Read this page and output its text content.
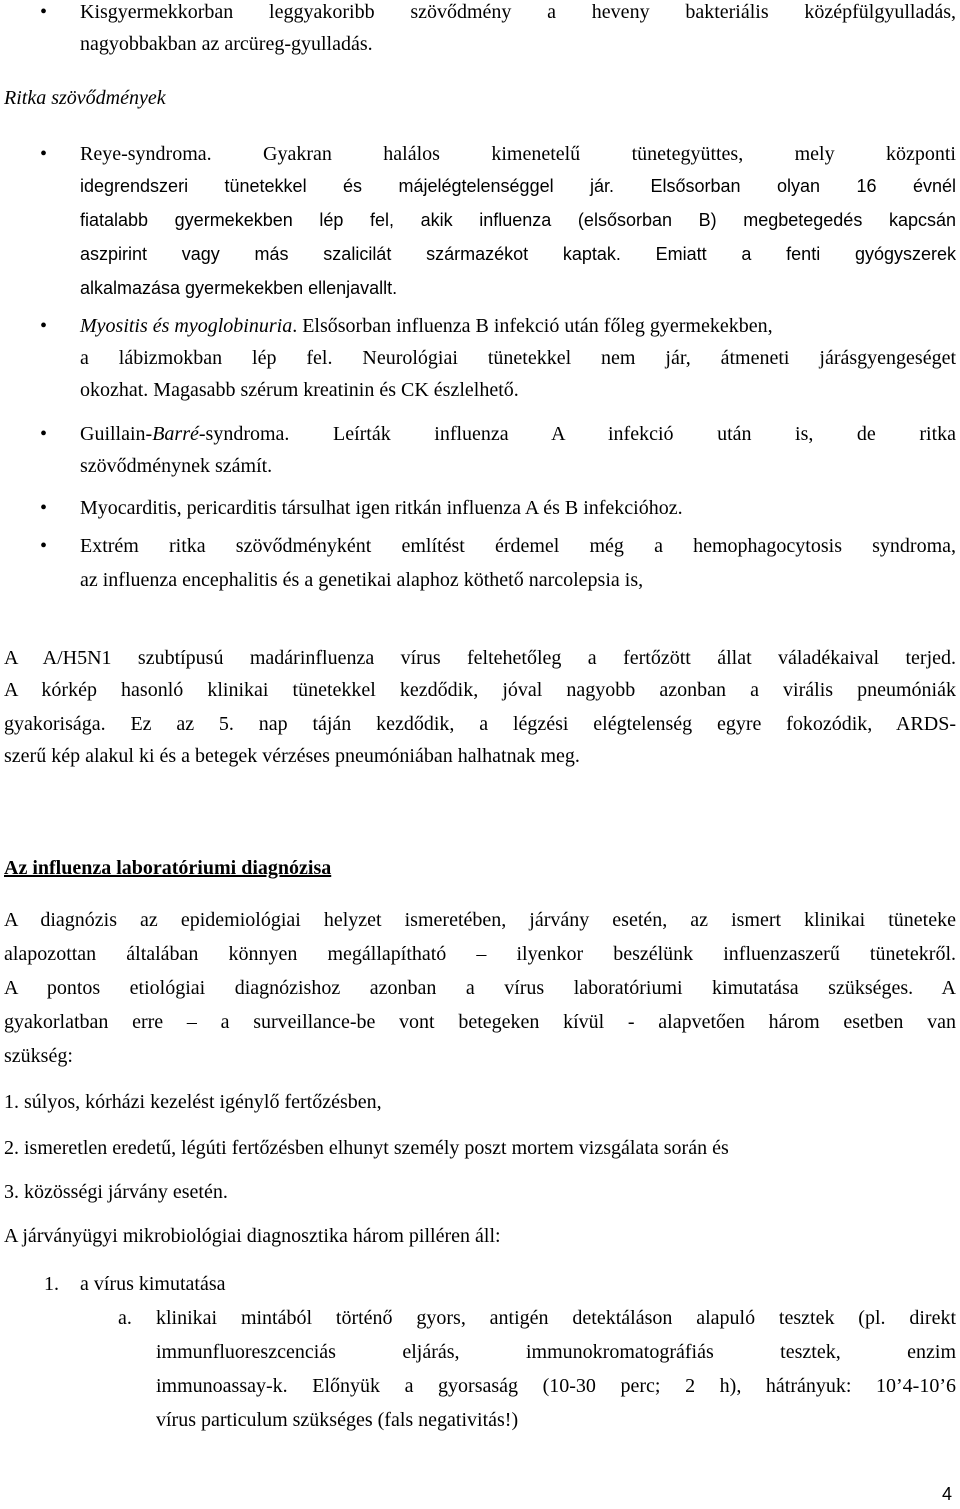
• Kisgyermekkorban leggyakoribb szövődmény a heveny bakteriális középfülgyulladás,
nagyobbakban az arcüreg-gyulladás.
Ritka szövődmények
• Reye-syndroma. Gyakran halálos kimenetelű tünetegyüttes, mely központi
idegrendszeri tünetekkel és májelégtelenséggel jár. Elsősorban olyan 16 évnél
fiatalabb gyermekekben lép fel, akik influenza (elsősorban B) megbetegedés kapcsán
aszpirint vagy más szalicilát származékot kaptak. Emiatt a fenti gyógyszerek
alkalmazása gyermekekben ellenjavallt.
• Myositis és myoglobinuria. Elsősorban influenza B infekció után főleg gyermekekben,
a lábizmokban lép fel. Neurológiai tünetekkel nem jár, átmeneti járásgyengeséget
okozhat. Magasabb szérum kreatinin és CK észlelhető.
• Guillain- Barré -syndroma. Leírták influenza A infekció után is, de ritka
szövődménynek számít.
• Myocarditis, pericarditis társulhat igen ritkán influenza A és B infekcióhoz.
• Extrém ritka szövődményként említést érdemel még a hemophagocytosis syndroma,
az influenza encephalitis és a genetikai alaphoz köthető narcolepsia is,
A A/H5N1 szubtípusú madárinfluenza vírus feltehetőleg a fertőzött állat váladékaival terjed.
A kórkép hasonló klinikai tünetekkel kezdődik, jóval nagyobb azonban a virális pneumóniák
gyakorisága. Ez az 5. nap táján kezdődik, a légzési elégtelenség egyre fokozódik, ARDS-
szerű kép alakul ki és a betegek vérzéses pneumóniában halhatnak meg.
Az influenza laboratóriumi diagnózisa
A diagnózis az epidemiológiai helyzet ismeretében, járvány esetén, az ismert klinikai tüneteke
alapozottan általában könnyen megállapítható – ilyenkor beszélünk influenzaszerű tünetekről.
A pontos etiológiai diagnózishoz azonban a vírus laboratóriumi kimutatása szükséges. A
gyakorlatban erre – a surveillance-be vont betegeken kívül - alapvetően három esetben van
szükség:
1. súlyos, kórházi kezelést igénylő fertőzésben,
2. ismeretlen eredetű, légúti fertőzésben elhunyt személy poszt mortem vizsgálata során és
3. közösségi járvány esetén.
A járványügyi mikrobiológiai diagnosztika három pilléren áll:
1. a vírus kimutatása
a. klinikai mintából történő gyors, antigén detektáláson alapuló tesztek (pl. direkt
immunfluoreszcenciás eljárás, immunokromatográfiás tesztek, enzim
immunoassay-k. Előnyük a gyorsaság (10-30 perc; 2 h), hátrányuk: 10’4-10’6
vírus particulum szükséges (fals negativitás!)
4
